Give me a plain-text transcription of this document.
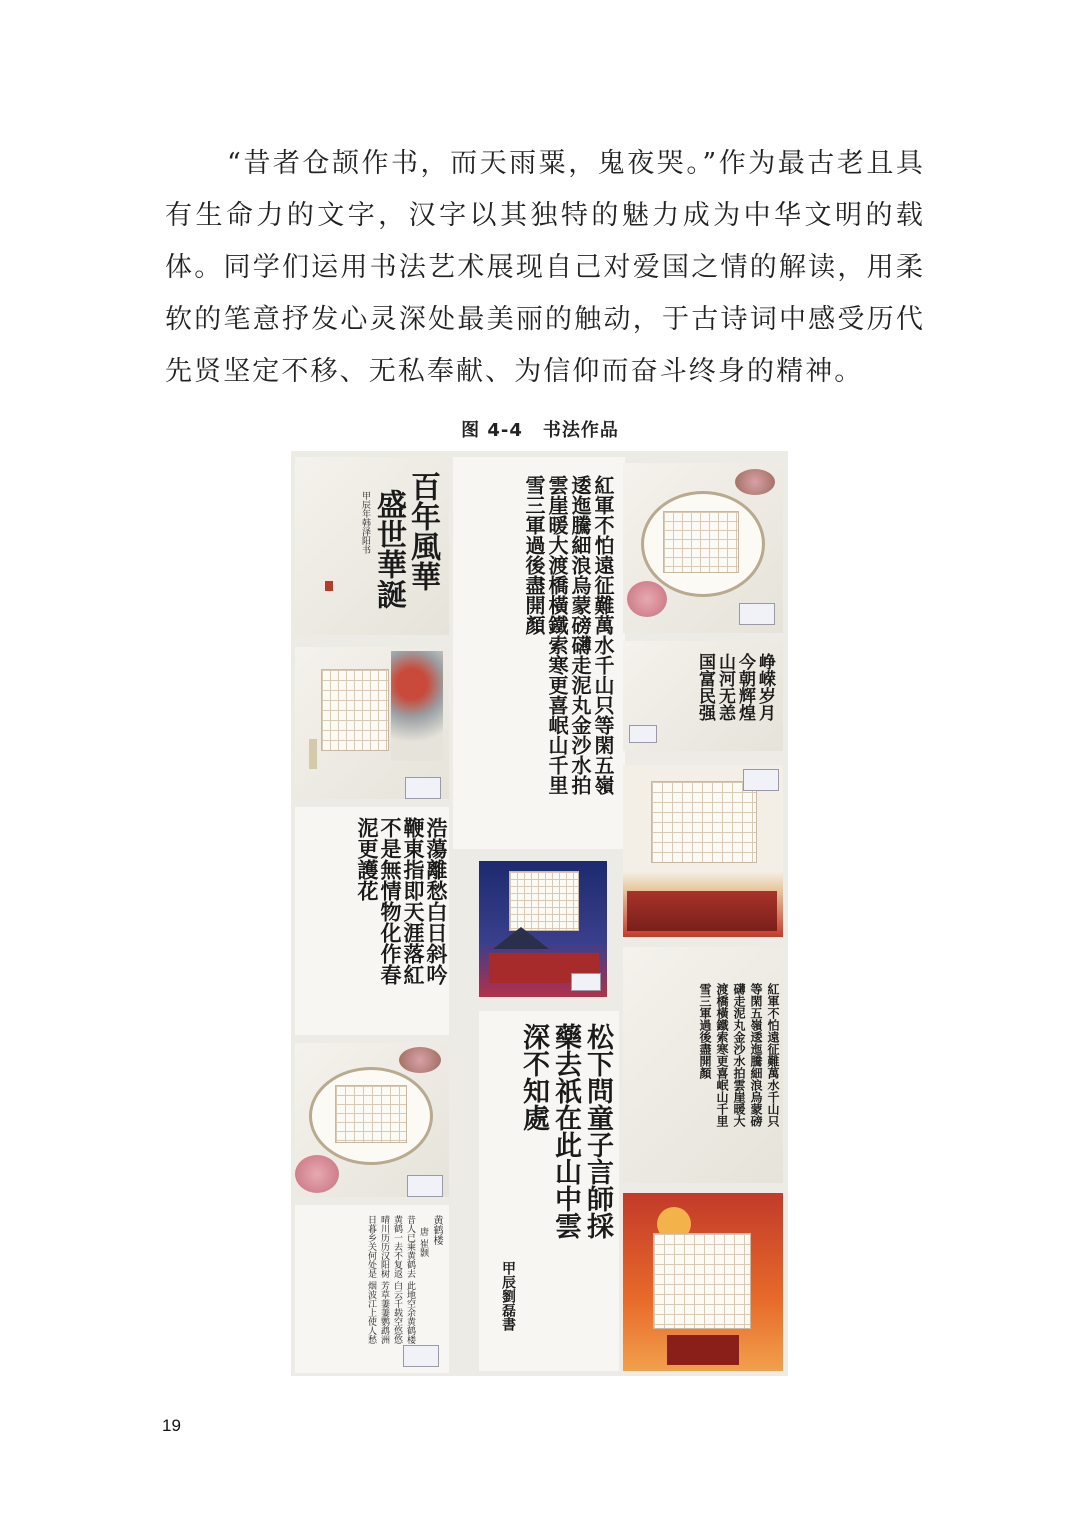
“昔者仓颉作书，而天雨粟，鬼夜哭。”作为最古老且具有生命力的文字，汉字以其独特的魅力成为中华文明的载体。同学们运用书法艺术展现自己对爱国之情的解读，用柔软的笔意抒发心灵深处最美丽的触动，于古诗词中感受历代先贤坚定不移、无私奉献、为信仰而奋斗终身的精神。
图 4-4 书法作品
百年風華
盛世華誕
甲辰年韩泽阳书	紅軍不怕遠征難萬水千山只等閑五嶺
逶迤騰細浪烏蒙磅礴走泥丸金沙水拍
雲崖暖大渡橋橫鐵索寒更喜岷山千里
雪三軍過後盡開顏
峥嵘岁月
今朝辉煌
山河无恙
国富民强
浩蕩離愁白日斜吟
鞭東指即天涯落紅
不是無情物化作春
泥更護花
紅軍不怕遠征難萬水千山只
等閑五嶺逶迤騰細浪烏蒙磅
礴走泥丸金沙水拍雲崖暖大
渡橋橫鐵索寒更喜岷山千里
雪三軍過後盡開顏
松下問童子言師採
藥去祇在此山中雲
深不知處
甲辰劉磊書
黄鹤楼
唐 崔颢
昔人已乘黄鹤去 此地空余黄鹤楼
黄鹤一去不复返 白云千载空悠悠
晴川历历汉阳树 芳草萋萋鹦鹉洲
日暮乡关何处是 烟波江上使人愁
19
